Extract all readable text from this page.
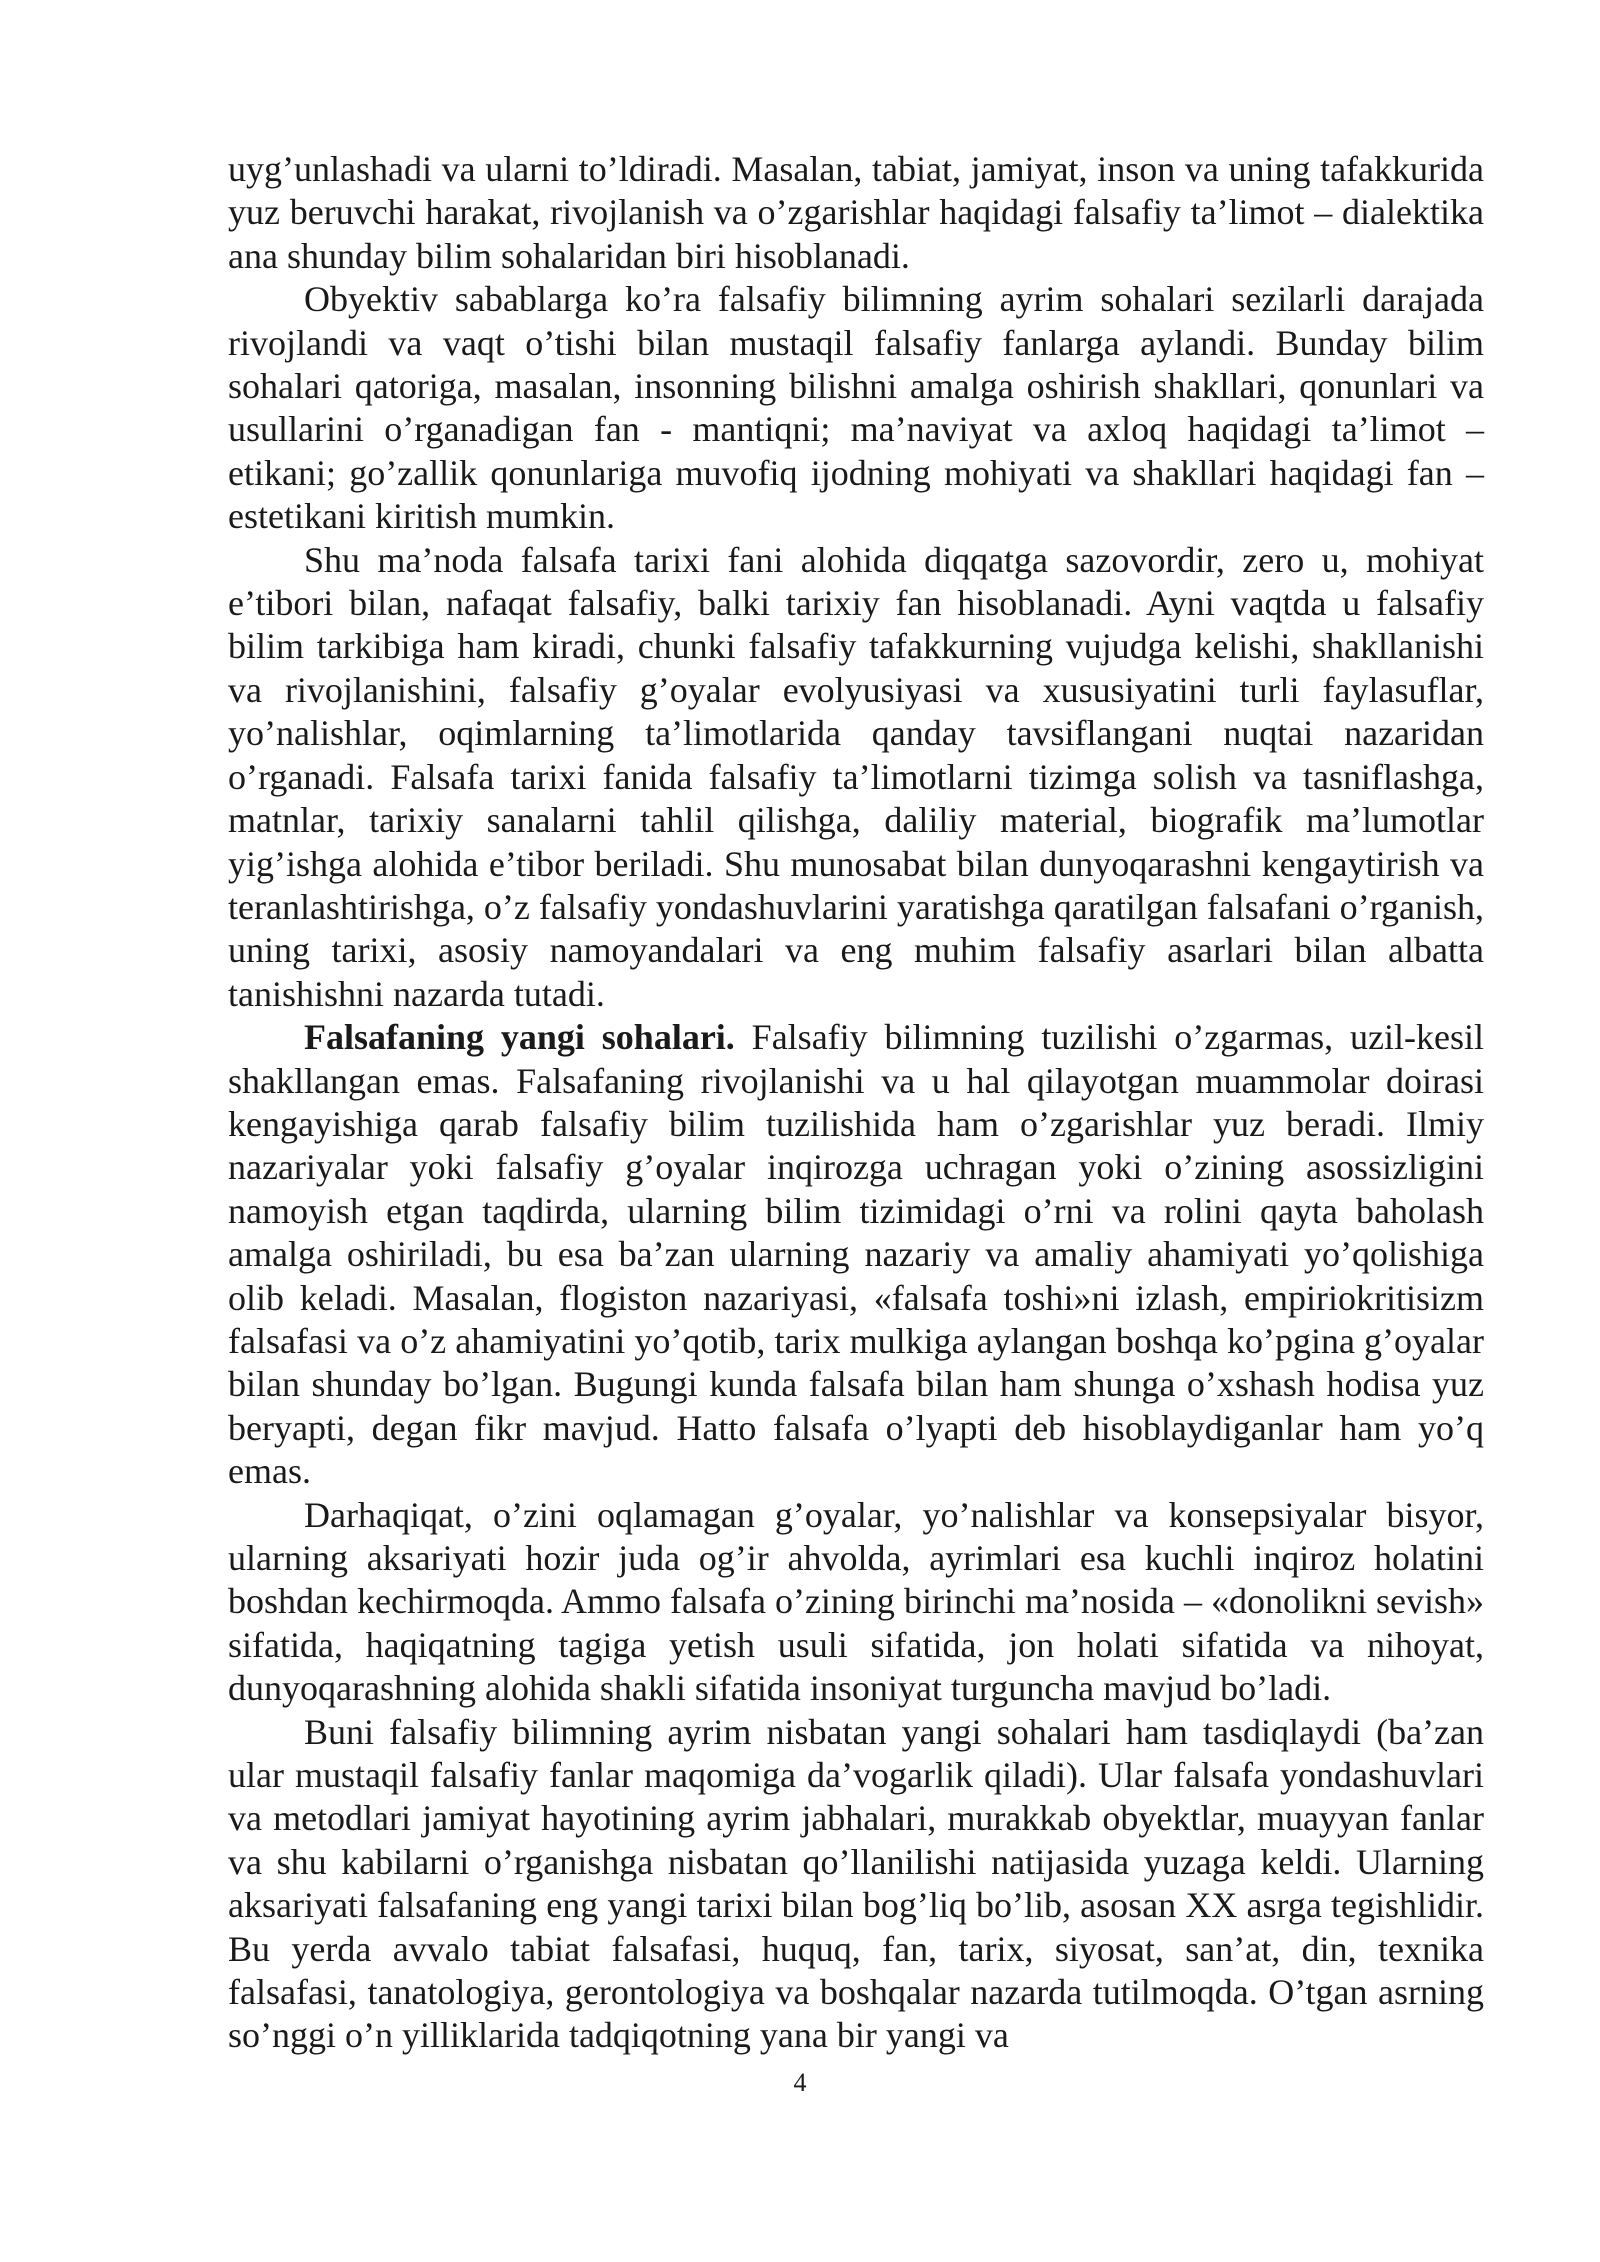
uyg’unlashadi va ularni to’ldiradi. Masalan, tabiat, jamiyat, inson va uning tafakkurida yuz beruvchi harakat, rivojlanish va o’zgarishlar haqidagi falsafiy ta’limot – dialektika ana shunday bilim sohalaridan biri hisoblanadi.

Obyektiv sabablarga ko’ra falsafiy bilimning ayrim sohalari sezilarli darajada rivojlandi va vaqt o’tishi bilan mustaqil falsafiy fanlarga aylandi. Bunday bilim sohalari qatoriga, masalan, insonning bilishni amalga oshirish shakllari, qonunlari va usullarini o’rganadigan fan - mantiqni; ma’naviyat va axloq haqidagi ta’limot – etikani; go’zallik qonunlariga muvofiq ijodning mohiyati va shakllari haqidagi fan – estetikani kiritish mumkin.

Shu ma’noda falsafa tarixi fani alohida diqqatga sazovordir, zero u, mohiyat e’tibori bilan, nafaqat falsafiy, balki tarixiy fan hisoblanadi. Ayni vaqtda u falsafiy bilim tarkibiga ham kiradi, chunki falsafiy tafakkurning vujudga kelishi, shakllanishi va rivojlanishini, falsafiy g’oyalar evolyusiyasi va xususiyatini turli faylasuflar, yo’nalishlar, oqimlarning ta’limotlarida qanday tavsiflangani nuqtai nazaridan o’rganadi. Falsafa tarixi fanida falsafiy ta’limotlarni tizimga solish va tasniflashga, matnlar, tarixiy sanalarni tahlil qilishga, daliliy material, biografik ma’lumotlar yig’ishga alohida e’tibor beriladi. Shu munosabat bilan dunyoqarashni kengaytirish va teranlashtirishga, o’z falsafiy yondashuvlarini yaratishga qaratilgan falsafani o’rganish, uning tarixi, asosiy namoyandalari va eng muhim falsafiy asarlari bilan albatta tanishishni nazarda tutadi.

Falsafaning yangi sohalari. Falsafiy bilimning tuzilishi o’zgarmas, uzil-kesil shakllangan emas. Falsafaning rivojlanishi va u hal qilayotgan muammolar doirasi kengayishiga qarab falsafiy bilim tuzilishida ham o’zgarishlar yuz beradi. Ilmiy nazariyalar yoki falsafiy g’oyalar inqirozga uchragan yoki o’zining asossizligini namoyish etgan taqdirda, ularning bilim tizimidagi o’rni va rolini qayta baholash amalga oshiriladi, bu esa ba’zan ularning nazariy va amaliy ahamiyati yo’qolishiga olib keladi. Masalan, flogiston nazariyasi, «falsafa toshi»ni izlash, empiriokritisizm falsafasi va o’z ahamiyatini yo’qotib, tarix mulkiga aylangan boshqa ko’pgina g’oyalar bilan shunday bo’lgan. Bugungi kunda falsafa bilan ham shunga o’xshash hodisa yuz beryapti, degan fikr mavjud. Hatto falsafa o’lyapti deb hisoblaydiganlar ham yo’q emas.

Darhaqiqat, o’zini oqlamagan g’oyalar, yo’nalishlar va konsepsiyalar bisyor, ularning aksariyati hozir juda og’ir ahvolda, ayrimlari esa kuchli inqiroz holatini boshdan kechirmoqda. Ammo falsafa o’zining birinchi ma’nosida – «donolikni sevish» sifatida, haqiqatning tagiga yetish usuli sifatida, jon holati sifatida va nihoyat, dunyoqarashning alohida shakli sifatida insoniyat turguncha mavjud bo’ladi.

Buni falsafiy bilimning ayrim nisbatan yangi sohalari ham tasdiqlaydi (ba’zan ular mustaqil falsafiy fanlar maqomiga da’vogarlik qiladi). Ular falsafa yondashuvlari va metodlari jamiyat hayotining ayrim jabhalari, murakkab obyektlar, muayyan fanlar va shu kabilarni o’rganishga nisbatan qo’llanilishi natijasida yuzaga keldi. Ularning aksariyati falsafaning eng yangi tarixi bilan bog’liq bo’lib, asosan XX asrga tegishlidir. Bu yerda avvalo tabiat falsafasi, huquq, fan, tarix, siyosat, san’at, din, texnika falsafasi, tanatologiya, gerontologiya va boshqalar nazarda tutilmoqda. O’tgan asrning so’nggi o’n yilliklarida tadqiqotning yana bir yangi va

4
